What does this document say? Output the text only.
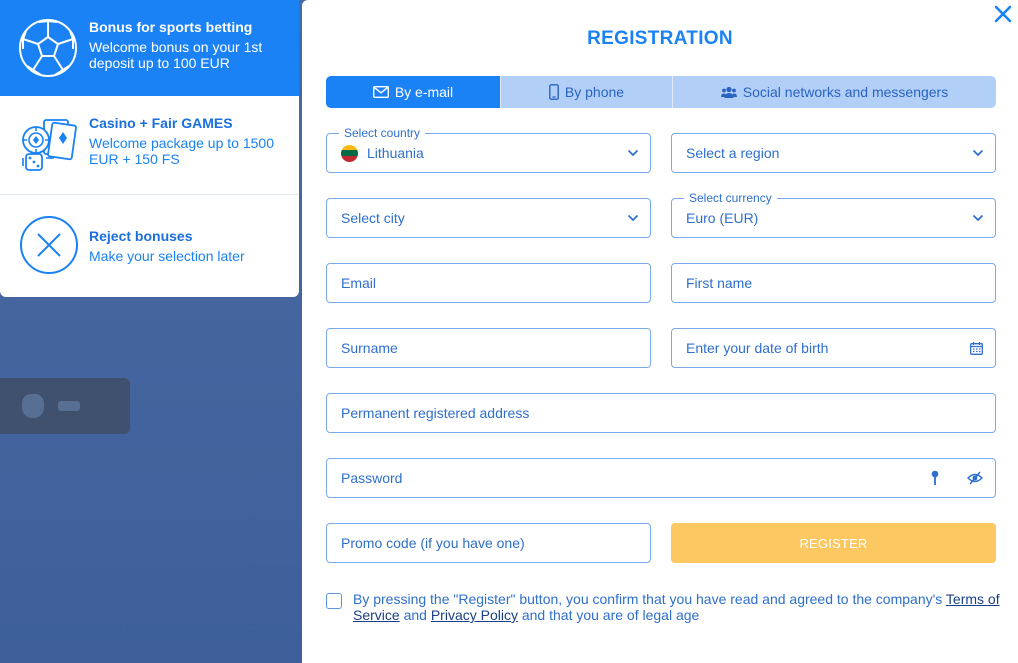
Bonus for sports betting
Welcome bonus on your 1st deposit up to 100 EUR
Casino + Fair GAMES
Welcome package up to 1500 EUR + 150 FS
Reject bonuses
Make your selection later
REGISTRATION
By e-mail	By phone	Social networks and messengers
Select country
Lithuania	Select a region
Select city
Select currency
Euro (EUR)
Email
First name
Surname
Enter your date of birth
Permanent registered address
Promo code (if you have one)
REGISTER
By pressing the "Register" button, you confirm that you have read and agreed to the company's Terms of Service and Privacy Policy and that you are of legal age
